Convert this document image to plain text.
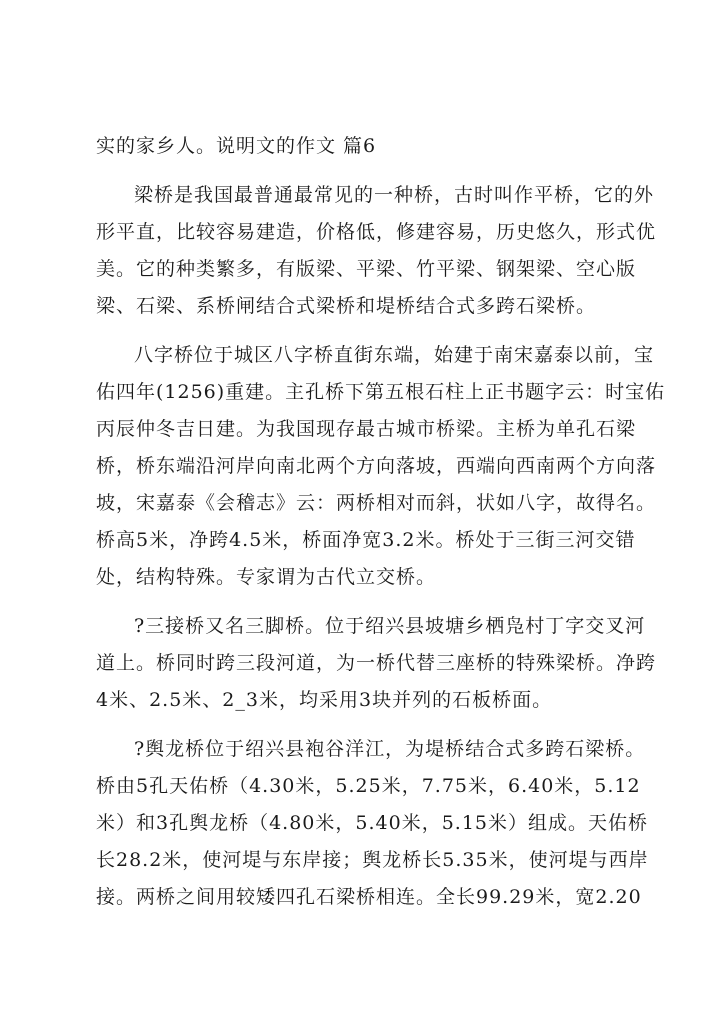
实的家乡人。说明文的作文 篇6
梁桥是我国最普通最常见的一种桥，古时叫作平桥，它的外
形平直，比较容易建造，价格低，修建容易，历史悠久，形式优
美。它的种类繁多，有版梁、平梁、竹平梁、钢架梁、空心版
梁、石梁、系桥闸结合式梁桥和堤桥结合式多跨石梁桥。
八字桥位于城区八字桥直街东端，始建于南宋嘉泰以前，宝
佑四年(1256)重建。主孔桥下第五根石柱上正书题字云：时宝佑
丙辰仲冬吉日建。为我国现存最古城市桥梁。主桥为单孔石梁
桥，桥东端沿河岸向南北两个方向落坡，西端向西南两个方向落
坡，宋嘉泰《会稽志》云：两桥相对而斜，状如八字，故得名。
桥高5米，净跨4.5米，桥面净宽3.2米。桥处于三街三河交错
处，结构特殊。专家谓为古代立交桥。
?三接桥又名三脚桥。位于绍兴县坡塘乡栖凫村丁字交叉河
道上。桥同时跨三段河道，为一桥代替三座桥的特殊梁桥。净跨
4米、2.5米、2_3米，均采用3块并列的石板桥面。
?舆龙桥位于绍兴县袍谷洋江，为堤桥结合式多跨石梁桥。
桥由5孔天佑桥（4.30米，5.25米，7.75米，6.40米，5.12
米）和3孔舆龙桥（4.80米，5.40米，5.15米）组成。天佑桥
长28.2米，使河堤与东岸接；舆龙桥长5.35米，使河堤与西岸
接。两桥之间用较矮四孔石梁桥相连。全长99.29米，宽2.20
